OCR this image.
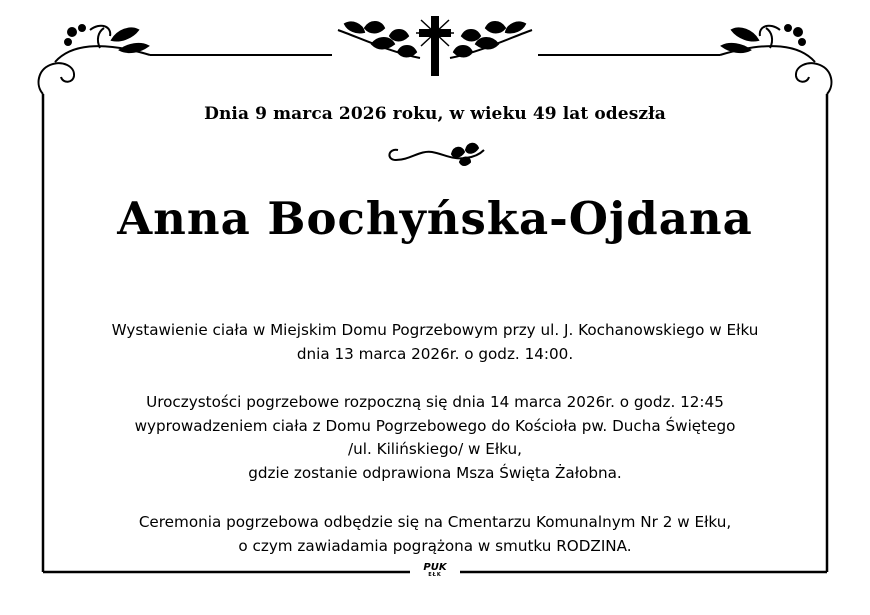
Dnia 9 marca 2026 roku, w wieku 49 lat odeszła
Anna Bochyńska-Ojdana
Wystawienie ciała w Miejskim Domu Pogrzebowym przy ul. J. Kochanowskiego w Ełku
dnia 13 marca 2026r. o godz. 14:00.
Uroczystości pogrzebowe rozpoczną się dnia 14 marca 2026r. o godz. 12:45
wyprowadzeniem ciała z Domu Pogrzebowego do Kościoła pw. Ducha Świętego
/ul. Kilińskiego/ w Ełku,
gdzie zostanie odprawiona Msza Święta Żałobna.
Ceremonia pogrzebowa odbędzie się na Cmentarzu Komunalnym Nr 2 w Ełku,
o czym zawiadamia pogrążona w smutku RODZINA.
PUK
EŁK
